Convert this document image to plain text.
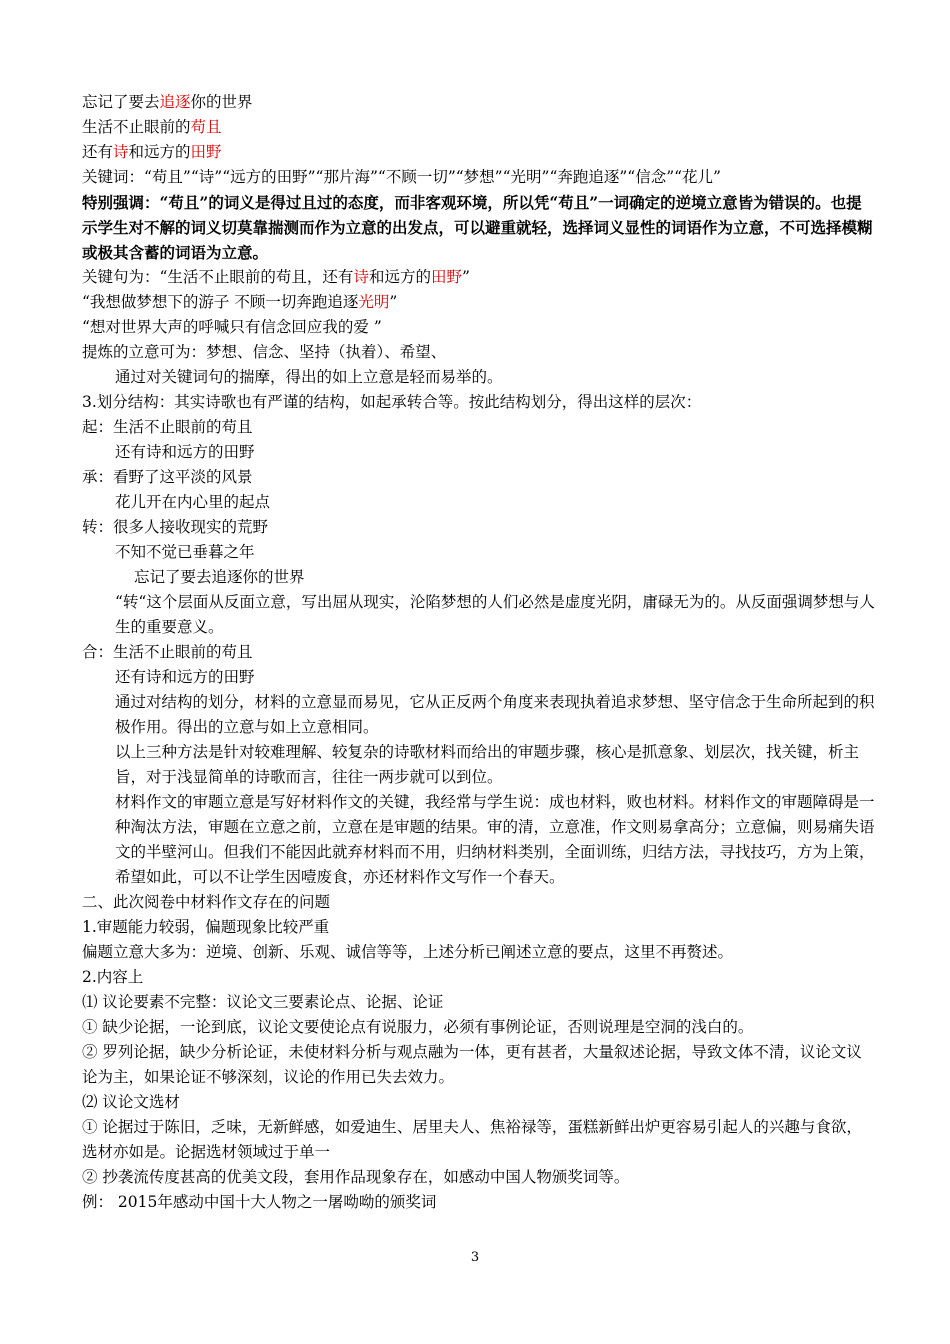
忘记了要去追逐你的世界

生活不止眼前的苟且

还有诗和远方的田野

关键词：“苟且”“诗”“远方的田野”“那片海”“不顾一切”“梦想”“光明”“奔跑追逐”“信念”“花儿”

特别强调：“苟且”的词义是得过且过的态度，而非客观环境，所以凭“苟且”一词确定的逆境立意皆为错误的。也提示学生对不解的词义切莫靠揣测而作为立意的出发点，可以避重就轻，选择词义显性的词语作为立意，不可选择模糊或极其含蓄的词语为立意。

关键句为：“生活不止眼前的苟且，还有诗和远方的田野”

“我想做梦想下的游子 不顾一切奔跑追逐光明”

“想对世界大声的呼喊只有信念回应我的爱 ”

提炼的立意可为：梦想、信念、坚持（执着）、希望、

通过对关键词句的揣摩，得出的如上立意是轻而易举的。

3.划分结构：其实诗歌也有严谨的结构，如起承转合等。按此结构划分，得出这样的层次：

起：生活不止眼前的苟且

还有诗和远方的田野

承：看野了这平淡的风景

花儿开在内心里的起点

转：很多人接收现实的荒野

不知不觉已垂暮之年

忘记了要去追逐你的世界

“转“这个层面从反面立意，写出屈从现实，沦陷梦想的人们必然是虚度光阴，庸碌无为的。从反面强调梦想与人生的重要意义。

合：生活不止眼前的苟且

还有诗和远方的田野

通过对结构的划分，材料的立意显而易见，它从正反两个角度来表现执着追求梦想、坚守信念于生命所起到的积极作用。得出的立意与如上立意相同。

以上三种方法是针对较难理解、较复杂的诗歌材料而给出的审题步骤，核心是抓意象、划层次，找关键，析主旨，对于浅显简单的诗歌而言，往往一两步就可以到位。

材料作文的审题立意是写好材料作文的关键，我经常与学生说：成也材料，败也材料。材料作文的审题障碍是一种淘汰方法，审题在立意之前，立意在是审题的结果。审的清，立意准，作文则易拿高分；立意偏，则易痛失语文的半壁河山。但我们不能因此就弃材料而不用，归纳材料类别，全面训练，归结方法，寻找技巧，方为上策，希望如此，可以不让学生因噎废食，亦还材料作文写作一个春天。

二、此次阅卷中材料作文存在的问题

1.审题能力较弱，偏题现象比较严重

偏题立意大多为：逆境、创新、乐观、诚信等等，上述分析已阐述立意的要点，这里不再赘述。

2.内容上

⑴ 议论要素不完整：议论文三要素论点、论据、论证

① 缺少论据，一论到底，议论文要使论点有说服力，必须有事例论证，否则说理是空洞的浅白的。

② 罗列论据，缺少分析论证，未使材料分析与观点融为一体，更有甚者，大量叙述论据，导致文体不清，议论文议论为主，如果论证不够深刻，议论的作用已失去效力。

⑵ 议论文选材

① 论据过于陈旧，乏味，无新鲜感，如爱迪生、居里夫人、焦裕禄等，蛋糕新鲜出炉更容易引起人的兴趣与食欲，选材亦如是。论据选材领域过于单一

② 抄袭流传度甚高的优美文段，套用作品现象存在，如感动中国人物颁奖词等。

例： 2015年感动中国十大人物之一屠呦呦的颁奖词

3
